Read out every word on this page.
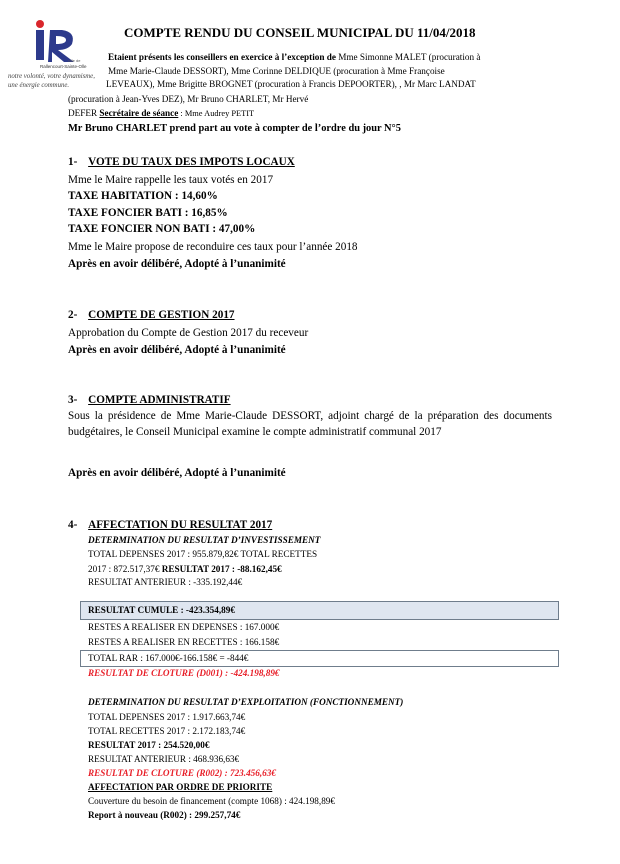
ville de
Rallencourt-Sainte-Olle
notre volonté, votre dynamisme,
une énergie commune.
COMPTE RENDU DU CONSEIL MUNICIPAL DU 11/04/2018
Etaient présents les conseillers en exercice à l’exception de Mme Simonne MALET (procuration à
Mme Marie-Claude DESSORT), Mme Corinne DELDIQUE (procuration à Mme Françoise
LEVEAUX), Mme Brigitte BROGNET (procuration à Francis DEPOORTER), , Mr Marc LANDAT
(procuration à Jean-Yves DEZ), Mr Bruno CHARLET, Mr Hervé
DEFER Secrétaire de séance : Mme Audrey PETIT
Mr Bruno CHARLET prend part au vote à compter de l’ordre du jour N°5
1- VOTE DU TAUX DES IMPOTS LOCAUX
Mme le Maire rappelle les taux votés en 2017
TAXE HABITATION : 14,60%
TAXE FONCIER BATI : 16,85%
TAXE FONCIER NON BATI : 47,00%
Mme le Maire propose de reconduire ces taux pour l’année 2018
Après en avoir délibéré, Adopté à l’unanimité
2- COMPTE DE GESTION 2017
Approbation du Compte de Gestion 2017 du receveur
Après en avoir délibéré, Adopté à l’unanimité
3- COMPTE ADMINISTRATIF
Sous la présidence de Mme Marie-Claude DESSORT, adjoint chargé de la préparation des documents budgétaires, le Conseil Municipal examine le compte administratif communal 2017
Après en avoir délibéré, Adopté à l’unanimité
4- AFFECTATION DU RESULTAT 2017
DETERMINATION DU RESULTAT D’INVESTISSEMENT
TOTAL DEPENSES 2017 : 955.879,82€ TOTAL RECETTES
2017 : 872.517,37€ RESULTAT 2017 : -88.162,45€
RESULTAT ANTERIEUR : -335.192,44€
RESULTAT CUMULE : -423.354,89€
RESTES A REALISER EN DEPENSES : 167.000€
RESTES A REALISER EN RECETTES : 166.158€
TOTAL RAR : 167.000€-166.158€ = -844€
RESULTAT DE CLOTURE (D001) : -424.198,89€
DETERMINATION DU RESULTAT D’EXPLOITATION (FONCTIONNEMENT)
TOTAL DEPENSES 2017 : 1.917.663,74€
TOTAL RECETTES 2017 : 2.172.183,74€
RESULTAT 2017 : 254.520,00€
RESULTAT ANTERIEUR : 468.936,63€
RESULTAT DE CLOTURE (R002) : 723.456,63€
AFFECTATION PAR ORDRE DE PRIORITE
Couverture du besoin de financement (compte 1068) : 424.198,89€
Report à nouveau (R002) : 299.257,74€
